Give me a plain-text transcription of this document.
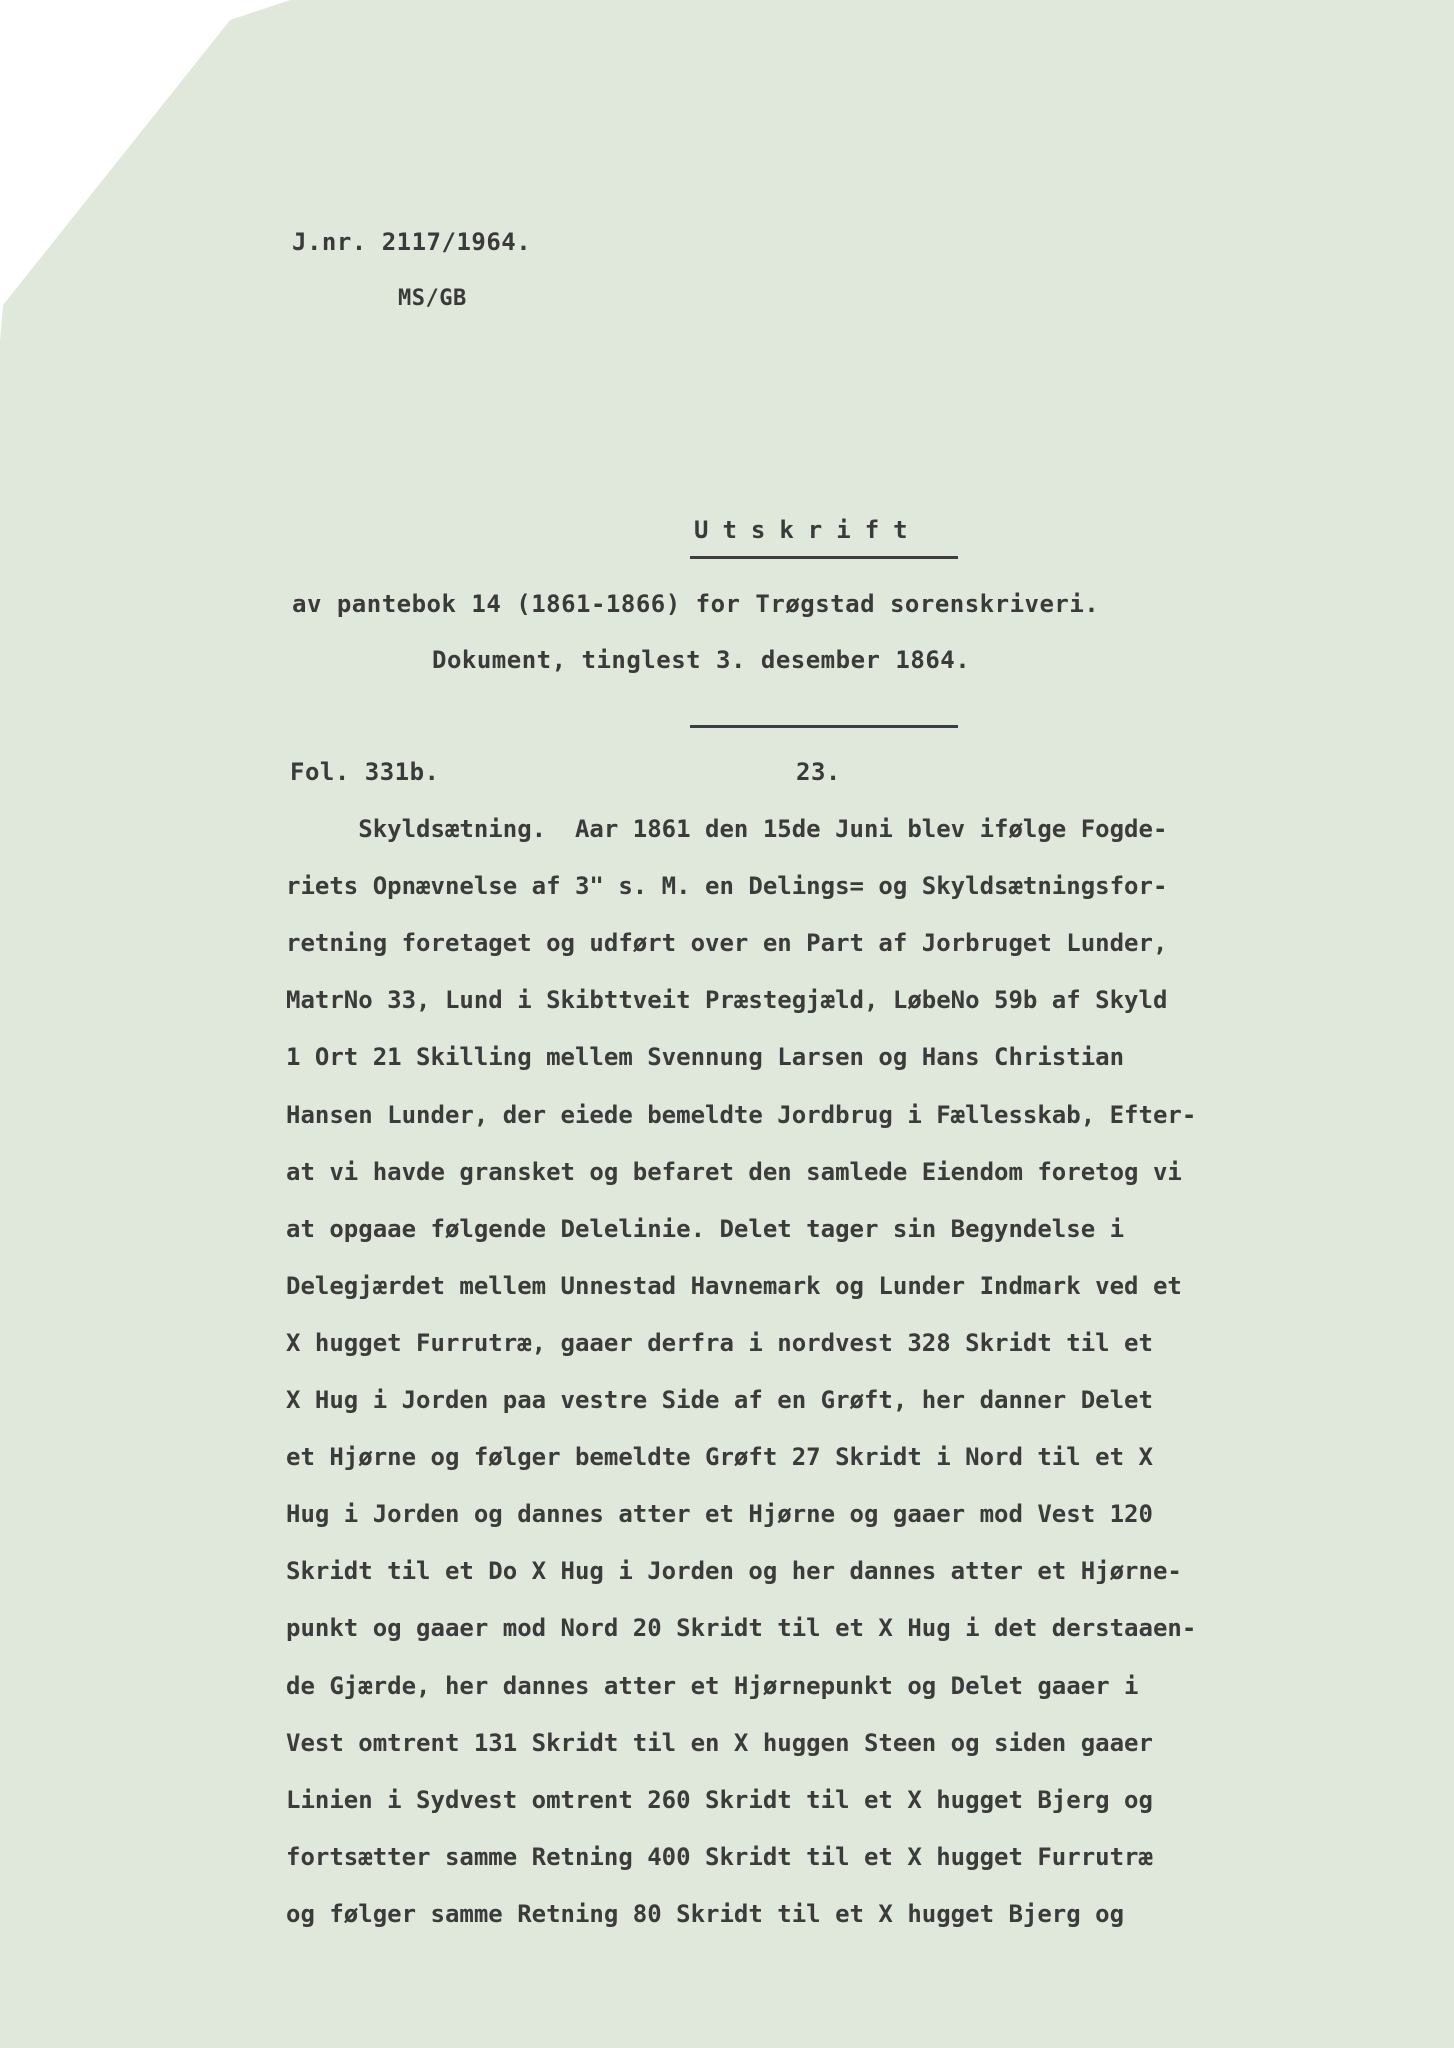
J.nr. 2117/1964.
MS/GB
Utskrift
av pantebok 14 (1861-1866) for Trøgstad sorenskriveri.
Dokument, tinglest 3. desember 1864.
Fol. 331b.	23.
Skyldsætning.  Aar 1861 den 15de Juni blev ifølge Fogde-
riets Opnævnelse af 3" s. M. en Delings= og Skyldsætningsfor-
retning foretaget og udført over en Part af Jorbruget Lunder,
MatrNo 33, Lund i Skibttveit Præstegjæld, LøbeNo 59b af Skyld
1 Ort 21 Skilling mellem Svennung Larsen og Hans Christian
Hansen Lunder, der eiede bemeldte Jordbrug i Fællesskab, Efter-
at vi havde gransket og befaret den samlede Eiendom foretog vi
at opgaae følgende Delelinie. Delet tager sin Begyndelse i
Delegjærdet mellem Unnestad Havnemark og Lunder Indmark ved et
X hugget Furrutræ, gaaer derfra i nordvest 328 Skridt til et
X Hug i Jorden paa vestre Side af en Grøft, her danner Delet
et Hjørne og følger bemeldte Grøft 27 Skridt i Nord til et X
Hug i Jorden og dannes atter et Hjørne og gaaer mod Vest 120
Skridt til et Do X Hug i Jorden og her dannes atter et Hjørne-
punkt og gaaer mod Nord 20 Skridt til et X Hug i det derstaaen-
de Gjærde, her dannes atter et Hjørnepunkt og Delet gaaer i
Vest omtrent 131 Skridt til en X huggen Steen og siden gaaer
Linien i Sydvest omtrent 260 Skridt til et X hugget Bjerg og
fortsætter samme Retning 400 Skridt til et X hugget Furrutræ
og følger samme Retning 80 Skridt til et X hugget Bjerg og
